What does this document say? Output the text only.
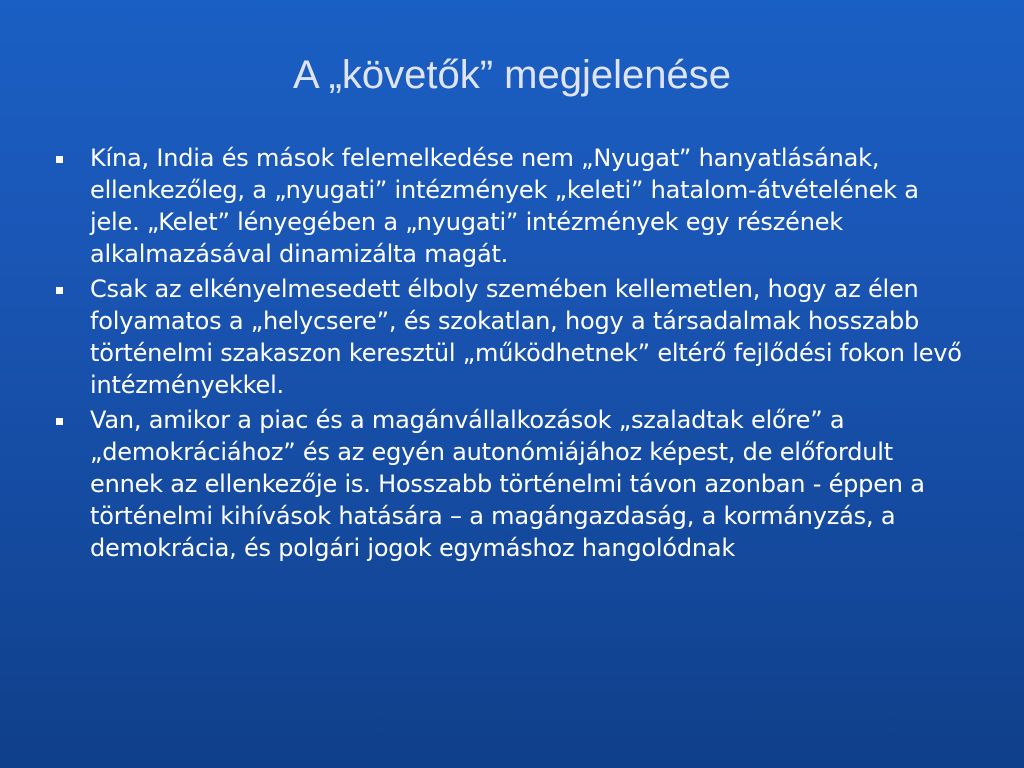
A „követők” megjelenése
Kína, India és mások felemelkedése nem „Nyugat” hanyatlásának, ellenkezőleg, a „nyugati” intézmények „keleti” hatalom-átvételének a jele. „Kelet” lényegében a „nyugati” intézmények egy részének alkalmazásával dinamizálta magát.
Csak az elkényelmesedett élboly szemében kellemetlen, hogy az élen folyamatos a „helycsere”, és szokatlan, hogy a társadalmak hosszabb történelmi szakaszon keresztül „működhetnek” eltérő fejlődési fokon levő intézményekkel.
Van, amikor a piac és a magánvállalkozások „szaladtak előre” a „demokráciához” és az egyén autonómiájához képest, de előfordult ennek az ellenkezője is. Hosszabb történelmi távon azonban - éppen a történelmi kihívások hatására – a magángazdaság, a kormányzás, a demokrácia, és polgári jogok egymáshoz hangolódnak
